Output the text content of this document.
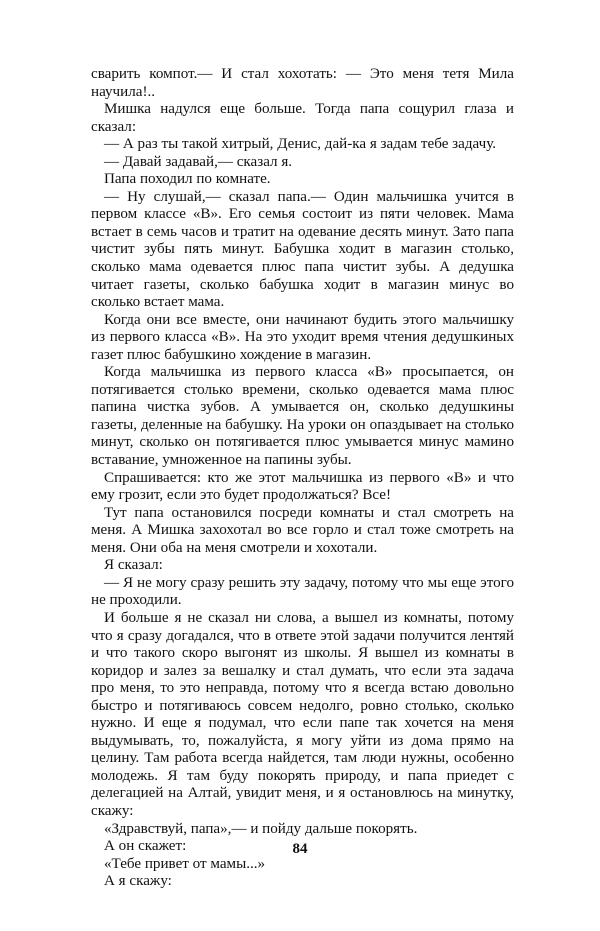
сварить компот.— И стал хохотать: — Это меня тетя Мила научила!..

Мишка надулся еще больше. Тогда папа сощурил глаза и сказал:

— А раз ты такой хитрый, Денис, дай-ка я задам тебе задачу.

— Давай задавай,— сказал я.

Папа походил по комнате.

— Ну слушай,— сказал папа.— Один мальчишка учится в первом классе «В». Его семья состоит из пяти человек. Мама встает в семь часов и тратит на одевание десять минут. Зато папа чистит зубы пять минут. Бабушка ходит в магазин столько, сколько мама одевается плюс папа чистит зубы. А дедушка читает газеты, сколько бабушка ходит в магазин минус во сколько встает мама.

Когда они все вместе, они начинают будить этого мальчишку из первого класса «В». На это уходит время чтения дедушкиных газет плюс бабушкино хождение в магазин.

Когда мальчишка из первого класса «В» просыпается, он потягивается столько времени, сколько одевается мама плюс папина чистка зубов. А умывается он, сколько дедушкины газеты, деленные на бабушку. На уроки он опаздывает на столько минут, сколько он потягивается плюс умывается минус мамино вставание, умноженное на папины зубы.

Спрашивается: кто же этот мальчишка из первого «В» и что ему грозит, если это будет продолжаться? Все!

Тут папа остановился посреди комнаты и стал смотреть на меня. А Мишка захохотал во все горло и стал тоже смотреть на меня. Они оба на меня смотрели и хохотали.

Я сказал:

— Я не могу сразу решить эту задачу, потому что мы еще этого не проходили.

И больше я не сказал ни слова, а вышел из комнаты, потому что я сразу догадался, что в ответе этой задачи получится лентяй и что такого скоро выгонят из школы. Я вышел из комнаты в коридор и залез за вешалку и стал думать, что если эта задача про меня, то это неправда, потому что я всегда встаю довольно быстро и потягиваюсь совсем недолго, ровно столько, сколько нужно. И еще я подумал, что если папе так хочется на меня выдумывать, то, пожалуйста, я могу уйти из дома прямо на целину. Там работа всегда найдется, там люди нужны, особенно молодежь. Я там буду покорять природу, и папа приедет с делегацией на Алтай, увидит меня, и я остановлюсь на минутку, скажу:

«Здравствуй, папа»,— и пойду дальше покорять.

А он скажет:

«Тебе привет от мамы...»

А я скажу:

84
